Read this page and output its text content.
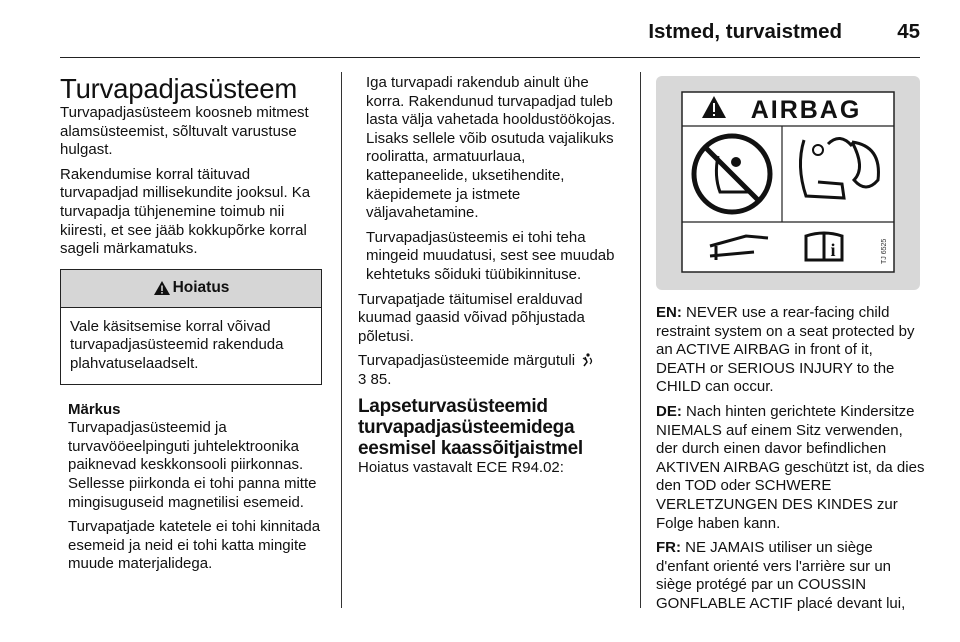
Istmed, turvaistmed	45

Turvapadjasüsteem

Turvapadjasüsteem koosneb mitmest alamsüsteemist, sõltuvalt varustuse hulgast.

Rakendumise korral täituvad turvapadjad millisekundite jooksul. Ka turvapadja tühjenemine toimub nii kiiresti, et see jääb kokkupõrke korral sageli märkamatuks.

Hoiatus
Vale käsitsemise korral võivad turvapadjasüsteemid rakenduda plahvatuselaadselt.

Märkus

Turvapadjasüsteemid ja turvavööeelpinguti juhtelektroonika paiknevad keskkonsooli piirkonnas. Sellesse piirkonda ei tohi panna mitte mingisuguseid magnetilisi esemeid.

Turvapatjade katetele ei tohi kinnitada esemeid ja neid ei tohi katta mingite muude materjalidega.

Iga turvapadi rakendub ainult ühe korra. Rakendunud turvapadjad tuleb lasta välja vahetada hooldustöökojas. Lisaks sellele võib osutuda vajalikuks rooliratta, armatuurlaua, kattepaneelide, uksetihendite, käepidemete ja istmete väljavahetamine.

Turvapadjasüsteemis ei tohi teha mingeid muudatusi, sest see muudab kehtetuks sõiduki tüübikinnituse.

Turvapatjade täitumisel eralduvad kuumad gaasid võivad põhjustada põletusi.

Turvapadjasüsteemide märgutuli
3 85.

Lapseturvasüsteemid turvapadjasüsteemidega eesmisel kaassõitjaistmel

Hoiatus vastavalt ECE R94.02:

AIRBAG
i	TJ 6525

EN: NEVER use a rear-facing child restraint system on a seat protected by an ACTIVE AIRBAG in front of it, DEATH or SERIOUS INJURY to the CHILD can occur.

DE: Nach hinten gerichtete Kindersitze NIEMALS auf einem Sitz verwenden, der durch einen davor befindlichen AKTIVEN AIRBAG geschützt ist, da dies den TOD oder SCHWERE VERLETZUNGEN DES KINDES zur Folge haben kann.

FR: NE JAMAIS utiliser un siège d'enfant orienté vers l'arrière sur un siège protégé par un COUSSIN GONFLABLE ACTIF placé devant lui,
